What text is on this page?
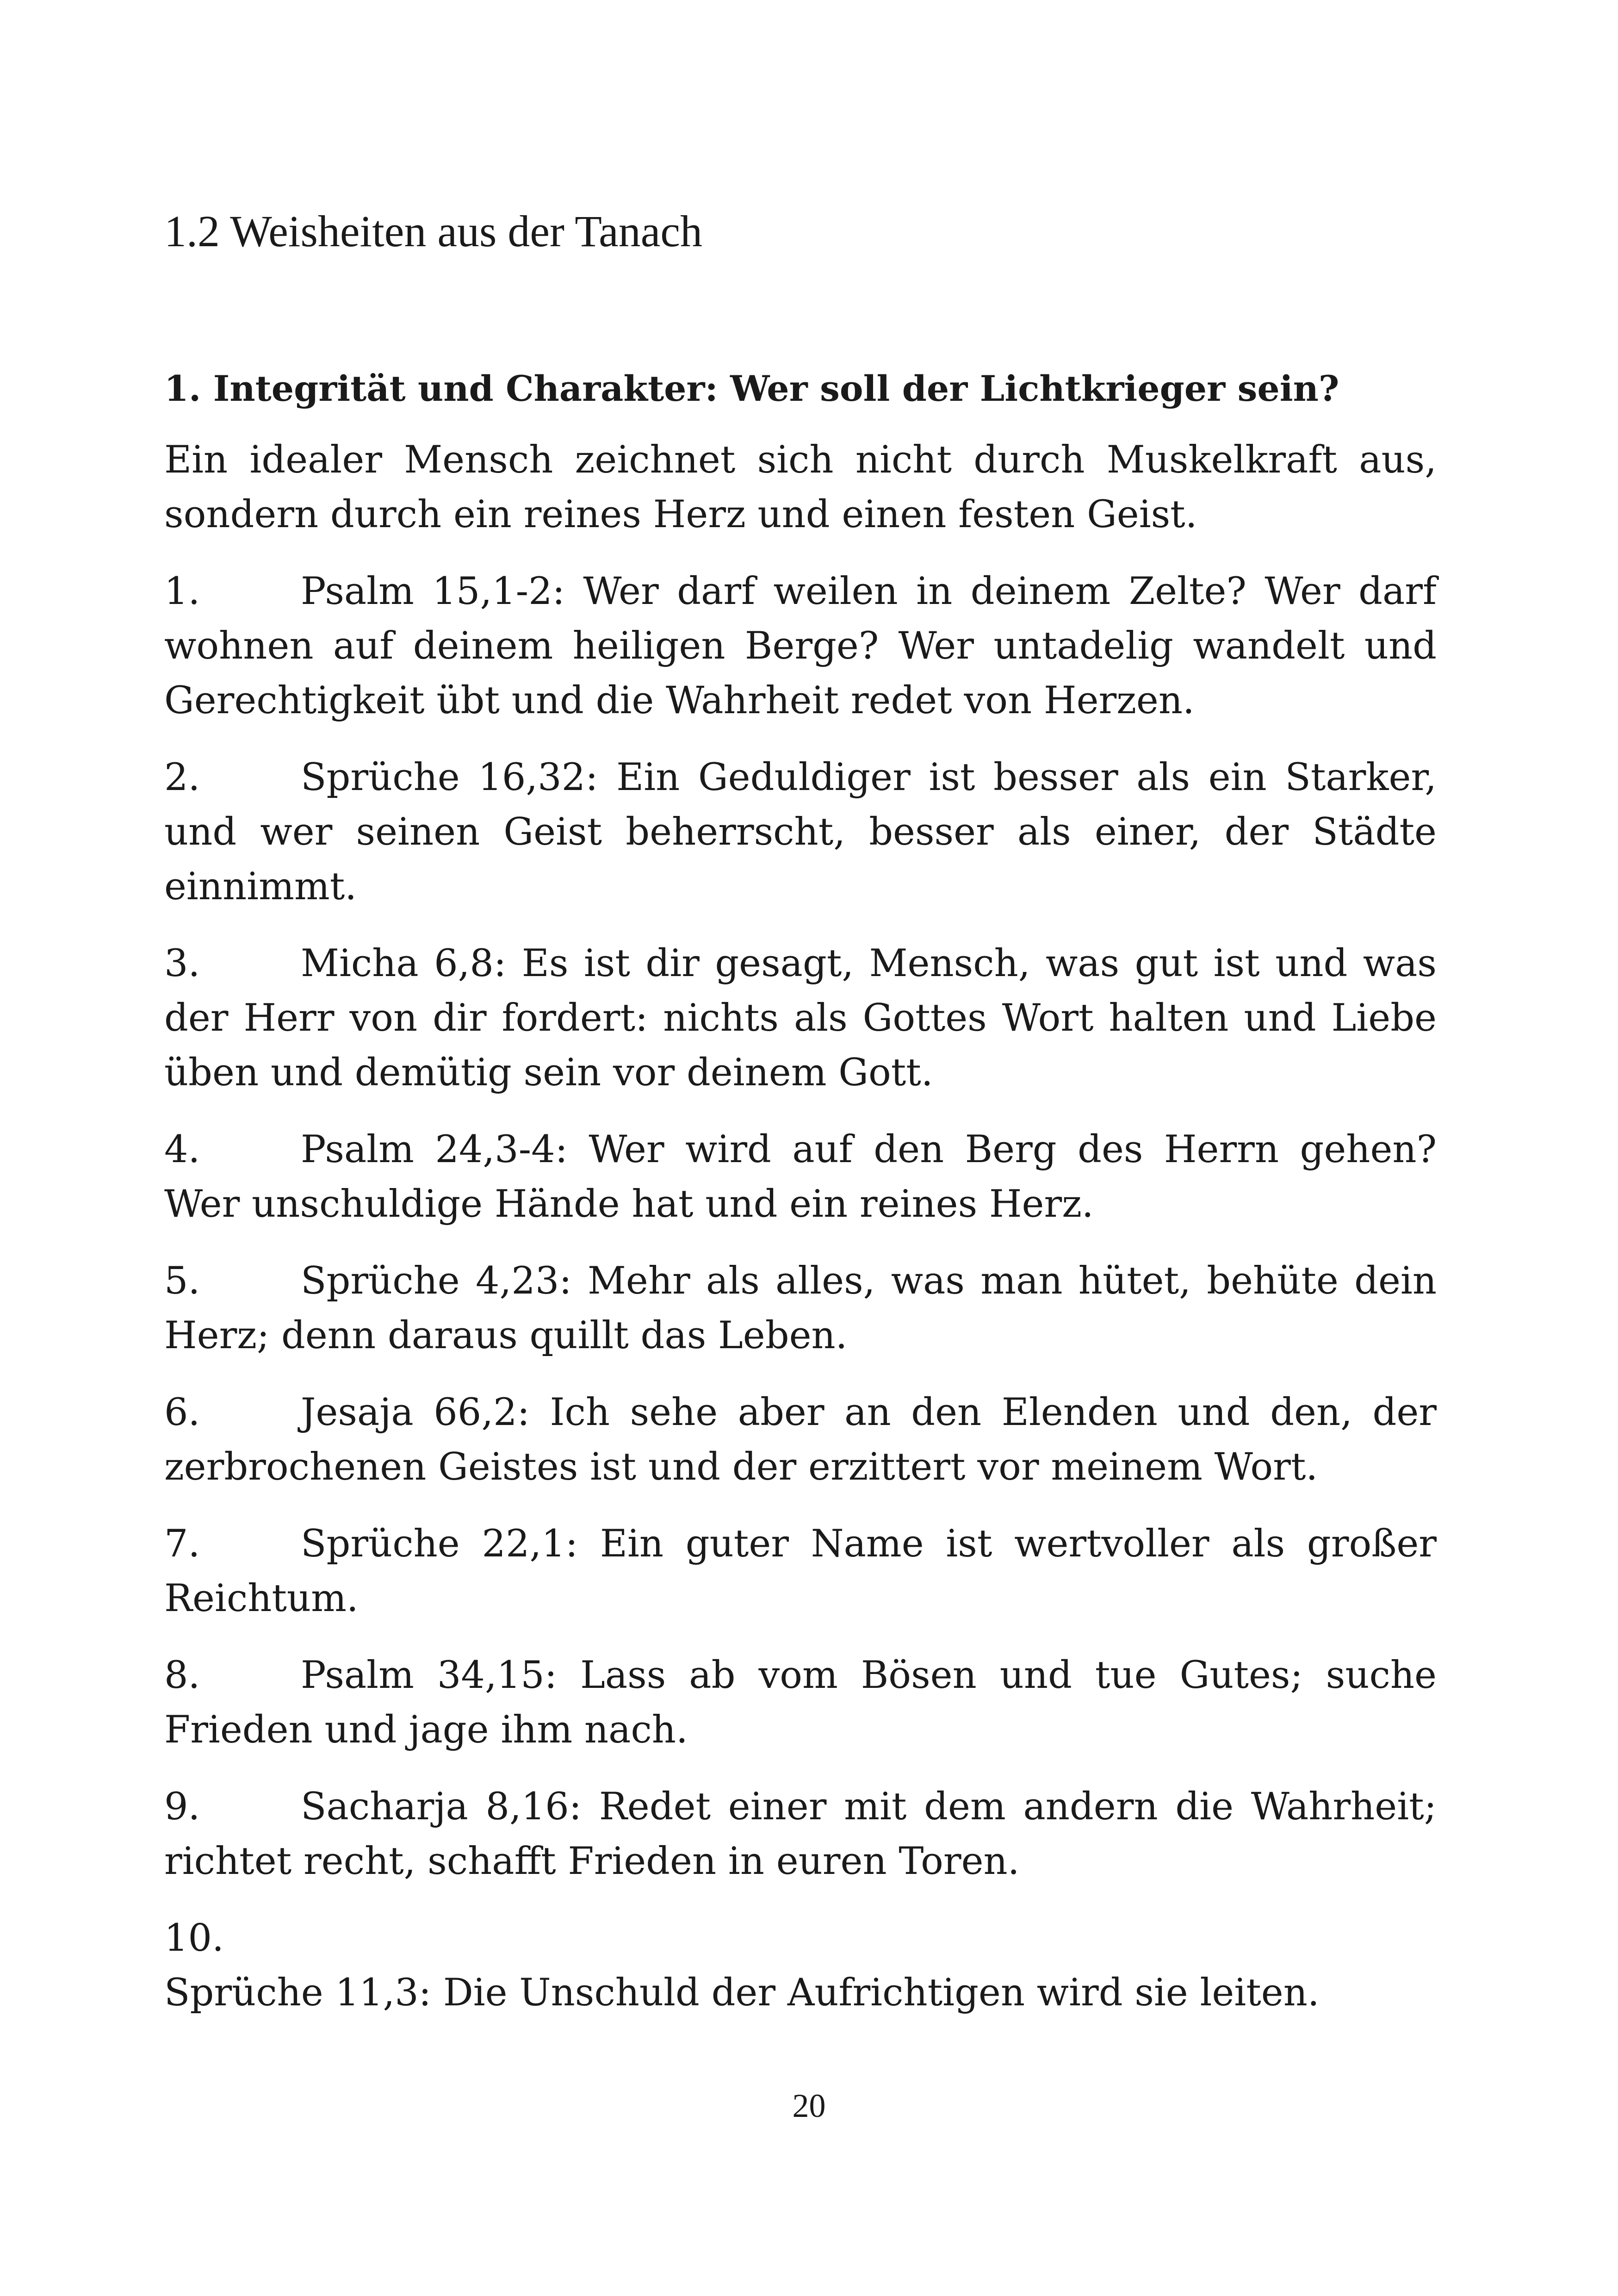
1.2 Weisheiten aus der Tanach
1. Integrität und Charakter: Wer soll der Lichtkrieger sein?

Ein idealer Mensch zeichnet sich nicht durch Muskelkraft aus, sondern durch ein reines Herz und einen festen Geist.

1.	Psalm 15,1-2: Wer darf weilen in deinem Zelte? Wer darf wohnen auf deinem heiligen Berge? Wer untadelig wandelt und Gerechtigkeit übt und die Wahrheit redet von Herzen.
2.	Sprüche 16,32: Ein Geduldiger ist besser als ein Starker, und wer seinen Geist beherrscht, besser als einer, der Städte einnimmt.
3.	Micha 6,8: Es ist dir gesagt, Mensch, was gut ist und was der Herr von dir fordert: nichts als Gottes Wort halten und Liebe üben und demütig sein vor deinem Gott.
4.	Psalm 24,3-4: Wer wird auf den Berg des Herrn gehen? Wer unschuldige Hände hat und ein reines Herz.
5.	Sprüche 4,23: Mehr als alles, was man hütet, behüte dein Herz; denn daraus quillt das Leben.
6.	Jesaja 66,2: Ich sehe aber an den Elenden und den, der zerbrochenen Geistes ist und der erzittert vor meinem Wort.
7.	Sprüche 22,1: Ein guter Name ist wertvoller als großer Reichtum.
8.	Psalm 34,15: Lass ab vom Bösen und tue Gutes; suche Frieden und jage ihm nach.
9.	Sacharja 8,16: Redet einer mit dem andern die Wahrheit; richtet recht, schafft Frieden in euren Toren.
10.Sprüche 11,3: Die Unschuld der Aufrichtigen wird sie leiten.
20
